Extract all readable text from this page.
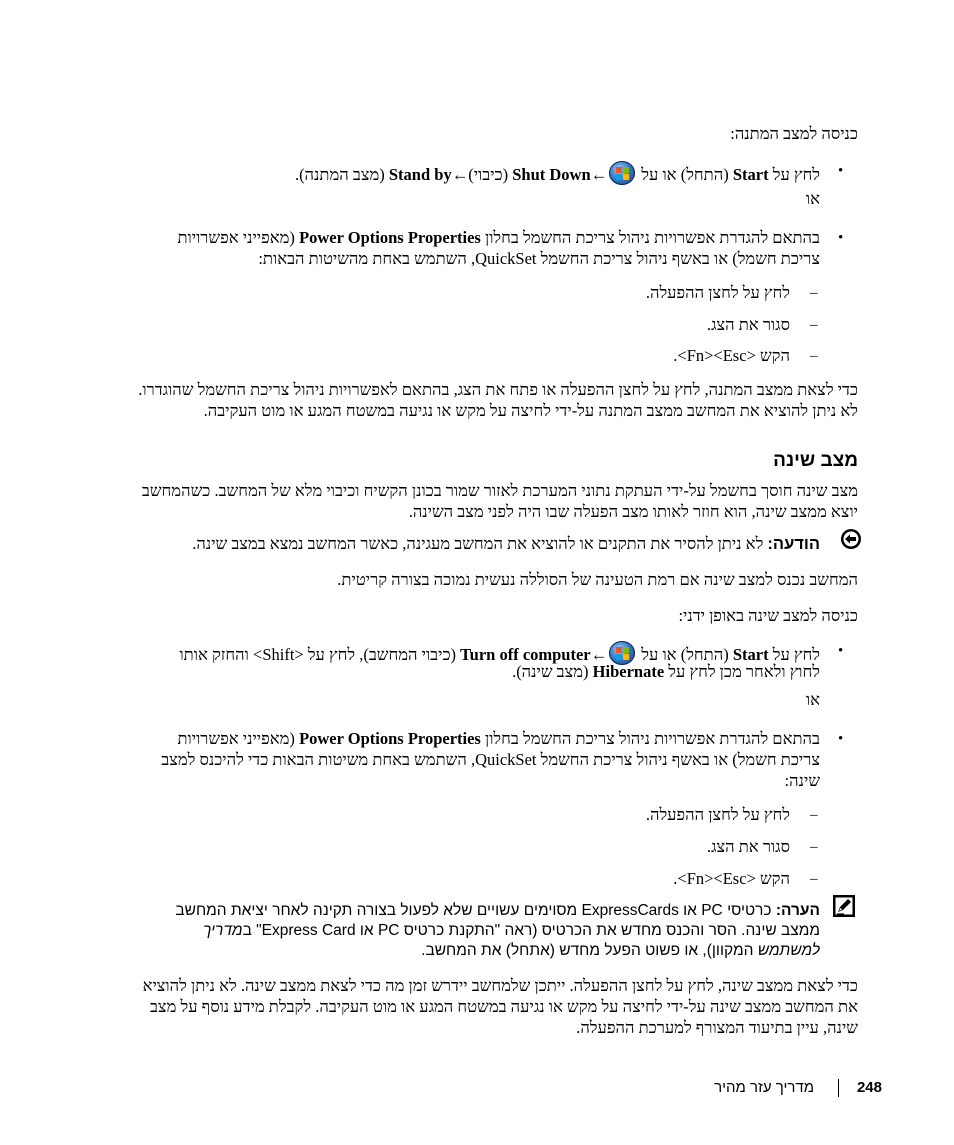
כניסה למצב המתנה:
•
לחץ על Start (התחל) או על
←Shut Down (כיבוי)←Stand by (מצב המתנה).
או
•
בהתאם להגדרת אפשרויות ניהול צריכת החשמל בחלון Power Options Properties (מאפייני אפשרויות
צריכת חשמל) או באשף ניהול צריכת החשמל QuickSet, השתמש באחת מהשיטות הבאות:
–
לחץ על לחצן ההפעלה.
–
סגור את הצג.
–
הקש <Fn><Esc>.
כדי לצאת ממצב המתנה, לחץ על לחצן ההפעלה או פתח את הצג, בהתאם לאפשרויות ניהול צריכת החשמל שהוגדרו.
לא ניתן להוציא את המחשב ממצב המתנה על-ידי לחיצה על מקש או נגיעה במשטח המגע או מוט העקיבה.
מצב שינה
מצב שינה חוסך בחשמל על-ידי העתקת נתוני המערכת לאזור שמור בכונן הקשיח וכיבוי מלא של המחשב. כשהמחשב
יוצא ממצב שינה, הוא חוזר לאותו מצב הפעלה שבו היה לפני מצב השינה.
הודעה: לא ניתן להסיר את התקנים או להוציא את המחשב מעגינה, כאשר המחשב נמצא במצב שינה.
המחשב נכנס למצב שינה אם רמת הטעינה של הסוללה נעשית נמוכה בצורה קריטית.
כניסה למצב שינה באופן ידני:
•
לחץ על Start (התחל) או על
←Turn off computer (כיבוי המחשב), לחץ על <Shift> והחזק אותו
לחוץ ולאחר מכן לחץ על Hibernate (מצב שינה).
או
•
בהתאם להגדרת אפשרויות ניהול צריכת החשמל בחלון Power Options Properties (מאפייני אפשרויות
צריכת חשמל) או באשף ניהול צריכת החשמל QuickSet, השתמש באחת משיטות הבאות כדי להיכנס למצב
שינה:
–
לחץ על לחצן ההפעלה.
–
סגור את הצג.
–
הקש <Fn><Esc>.
הערה: כרטיסי PC או ExpressCards מסוימים עשויים שלא לפעול בצורה תקינה לאחר יציאת המחשב
ממצב שינה. הסר והכנס מחדש את הכרטיס (ראה "התקנת כרטיס PC או Express Card" במדריך
למשתמש המקוון), או פשוט הפעל מחדש (אתחל) את המחשב.
כדי לצאת ממצב שינה, לחץ על לחצן ההפעלה. ייתכן שלמחשב יידרש זמן מה כדי לצאת ממצב שינה. לא ניתן להוציא
את המחשב ממצב שינה על-ידי לחיצה על מקש או נגיעה במשטח המגע או מוט העקיבה. לקבלת מידע נוסף על מצב
שינה, עיין בתיעוד המצורף למערכת ההפעלה.
מדריך עזר מהיר	248
